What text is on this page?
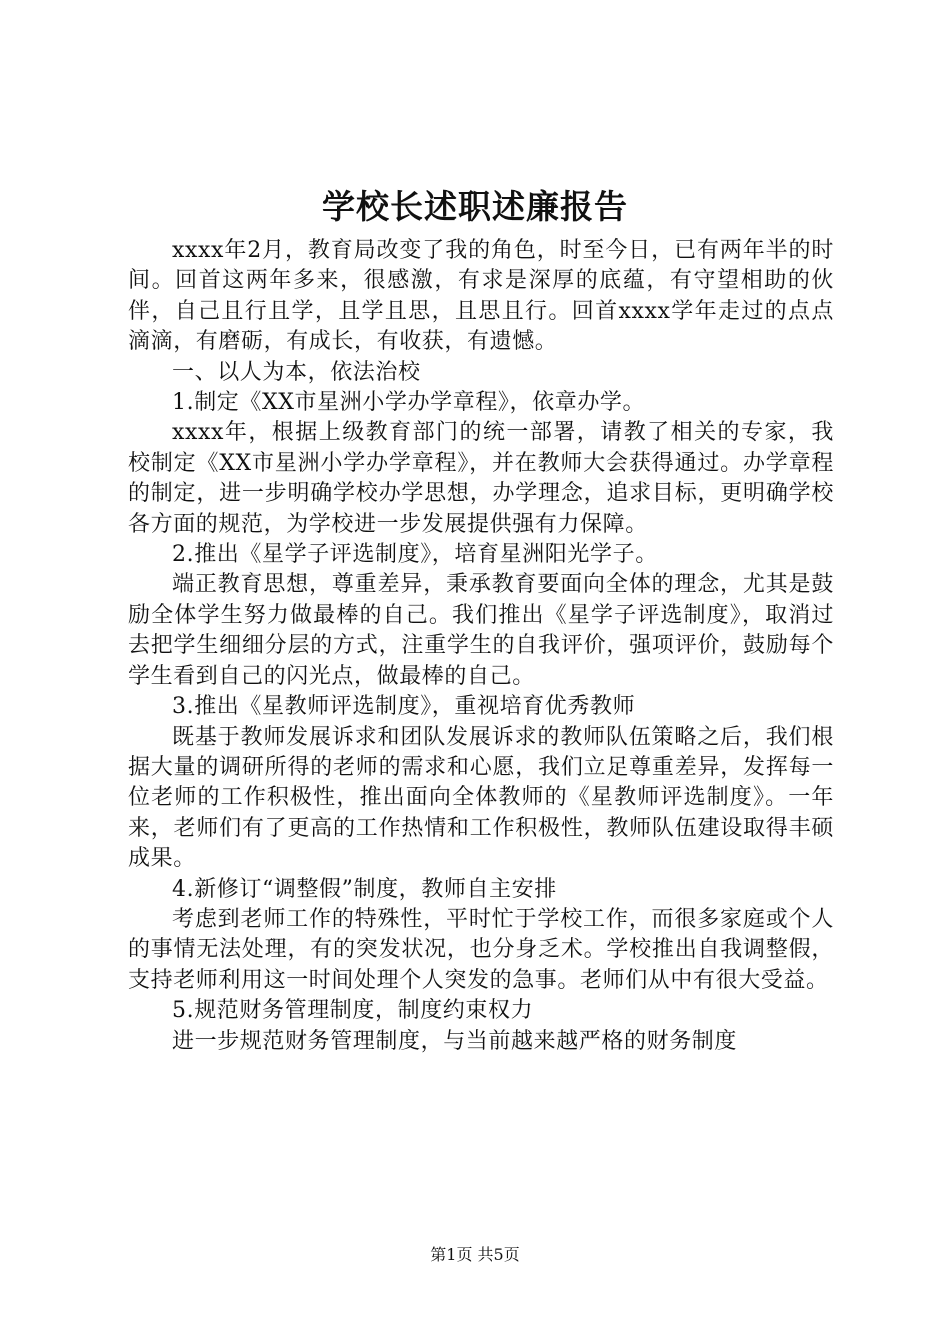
学校长述职述廉报告

xxxx年2月，教育局改变了我的角色，时至今日，已有两年半的时间。回首这两年多来，很感激，有求是深厚的底蕴，有守望相助的伙伴，自己且行且学，且学且思，且思且行。回首xxxx学年走过的点点滴滴，有磨砺，有成长，有收获，有遗憾。

一、以人为本，依法治校

1.制定《XX市星洲小学办学章程》，依章办学。

xxxx年，根据上级教育部门的统一部署，请教了相关的专家，我校制定《XX市星洲小学办学章程》，并在教师大会获得通过。办学章程的制定，进一步明确学校办学思想，办学理念，追求目标，更明确学校各方面的规范，为学校进一步发展提供强有力保障。

2.推出《星学子评选制度》，培育星洲阳光学子。

端正教育思想，尊重差异，秉承教育要面向全体的理念，尤其是鼓励全体学生努力做最棒的自己。我们推出《星学子评选制度》，取消过去把学生细细分层的方式，注重学生的自我评价，强项评价，鼓励每个学生看到自己的闪光点，做最棒的自己。

3.推出《星教师评选制度》，重视培育优秀教师

既基于教师发展诉求和团队发展诉求的教师队伍策略之后，我们根据大量的调研所得的老师的需求和心愿，我们立足尊重差异，发挥每一位老师的工作积极性，推出面向全体教师的《星教师评选制度》。一年来，老师们有了更高的工作热情和工作积极性，教师队伍建设取得丰硕成果。

4.新修订“调整假”制度，教师自主安排

考虑到老师工作的特殊性，平时忙于学校工作，而很多家庭或个人的事情无法处理，有的突发状况，也分身乏术。学校推出自我调整假，支持老师利用这一时间处理个人突发的急事。老师们从中有很大受益。

5.规范财务管理制度，制度约束权力

进一步规范财务管理制度，与当前越来越严格的财务制度

第1页 共5页
